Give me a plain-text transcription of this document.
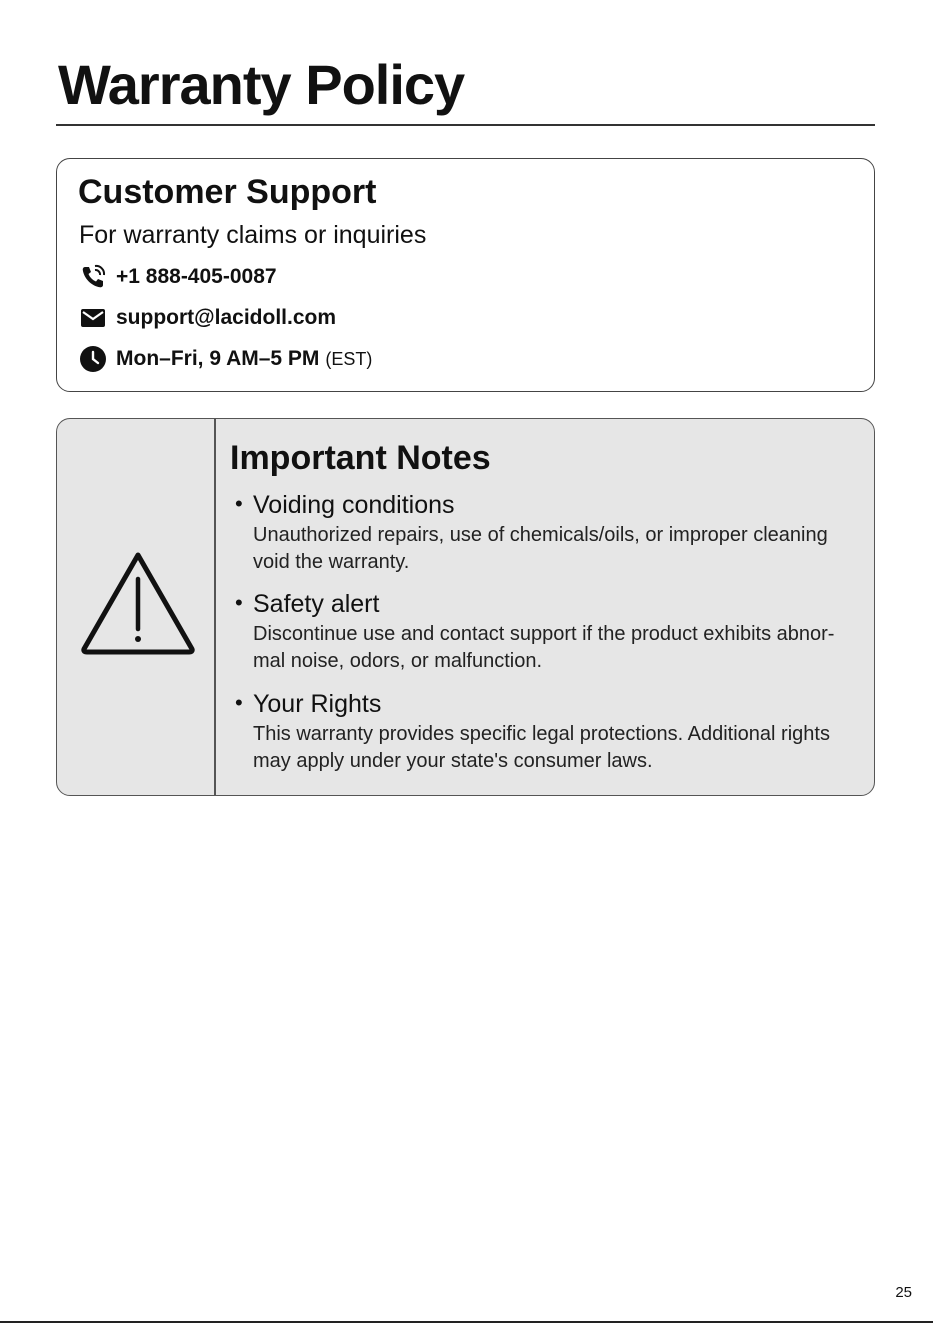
Warranty Policy
Customer Support
For warranty claims or inquiries
+1 888-405-0087
support@lacidoll.com
Mon–Fri, 9 AM–5 PM (EST)
Important Notes
• Voiding conditions
Unauthorized repairs, use of chemicals/oils, or improper cleaning void the warranty.
• Safety alert
Discontinue use and contact support if the product exhibits abnor-mal noise, odors, or malfunction.
• Your Rights
This warranty provides specific legal protections. Additional rights may apply under your state's consumer laws.
25
